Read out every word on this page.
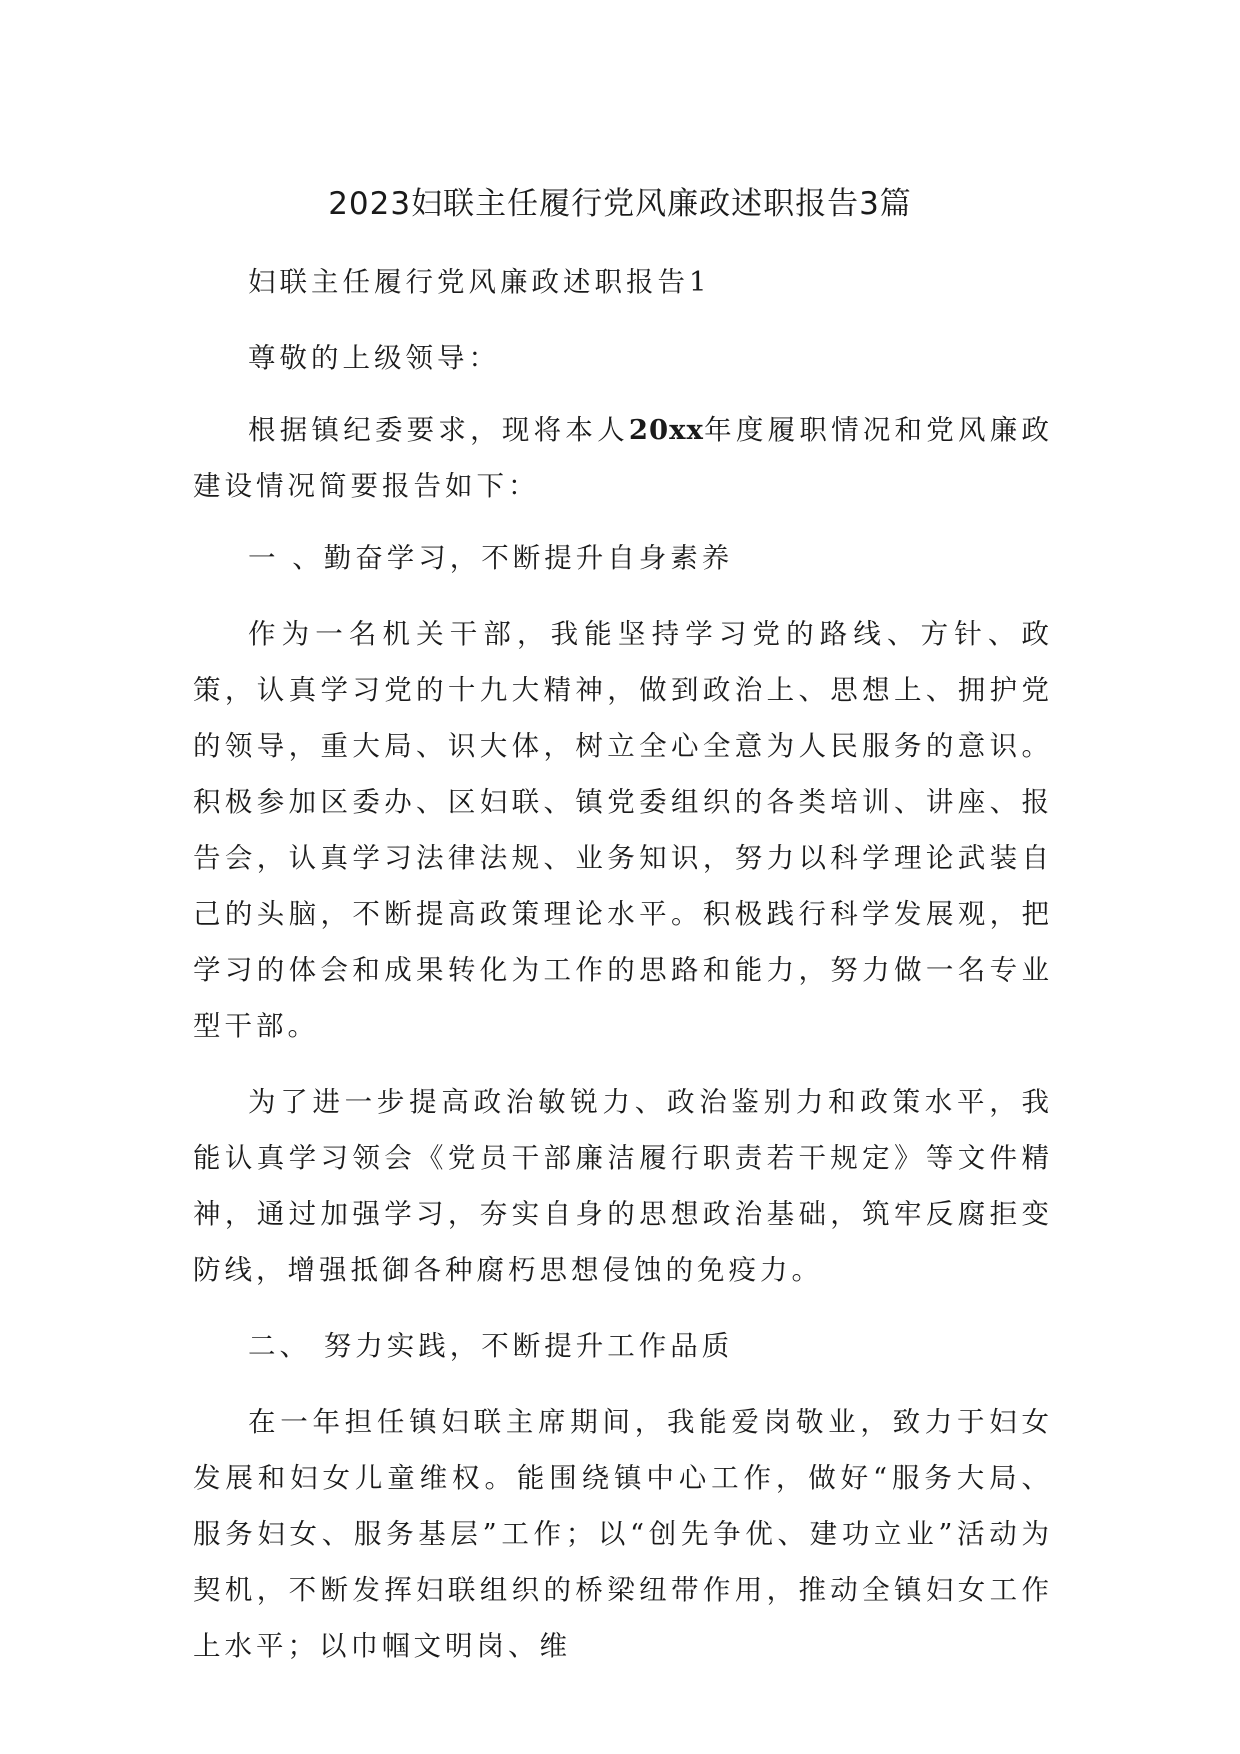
2023妇联主任履行党风廉政述职报告3篇

妇联主任履行党风廉政述职报告1

尊敬的上级领导：

根据镇纪委要求，现将本人20xx年度履职情况和党风廉政建设情况简要报告如下：

一 、勤奋学习，不断提升自身素养

作为一名机关干部，我能坚持学习党的路线、方针、政策，认真学习党的十九大精神，做到政治上、思想上、拥护党的领导，重大局、识大体，树立全心全意为人民服务的意识。积极参加区委办、区妇联、镇党委组织的各类培训、讲座、报告会，认真学习法律法规、业务知识，努力以科学理论武装自己的头脑，不断提高政策理论水平。积极践行科学发展观，把学习的体会和成果转化为工作的思路和能力，努力做一名专业型干部。

为了进一步提高政治敏锐力、政治鉴别力和政策水平，我能认真学习领会《党员干部廉洁履行职责若干规定》等文件精神，通过加强学习，夯实自身的思想政治基础，筑牢反腐拒变防线，增强抵御各种腐朽思想侵蚀的免疫力。

二、 努力实践，不断提升工作品质

在一年担任镇妇联主席期间，我能爱岗敬业，致力于妇女发展和妇女儿童维权。能围绕镇中心工作，做好“服务大局、服务妇女、服务基层”工作；以“创先争优、建功立业”活动为契机，不断发挥妇联组织的桥梁纽带作用，推动全镇妇女工作上水平；以巾帼文明岗、维
